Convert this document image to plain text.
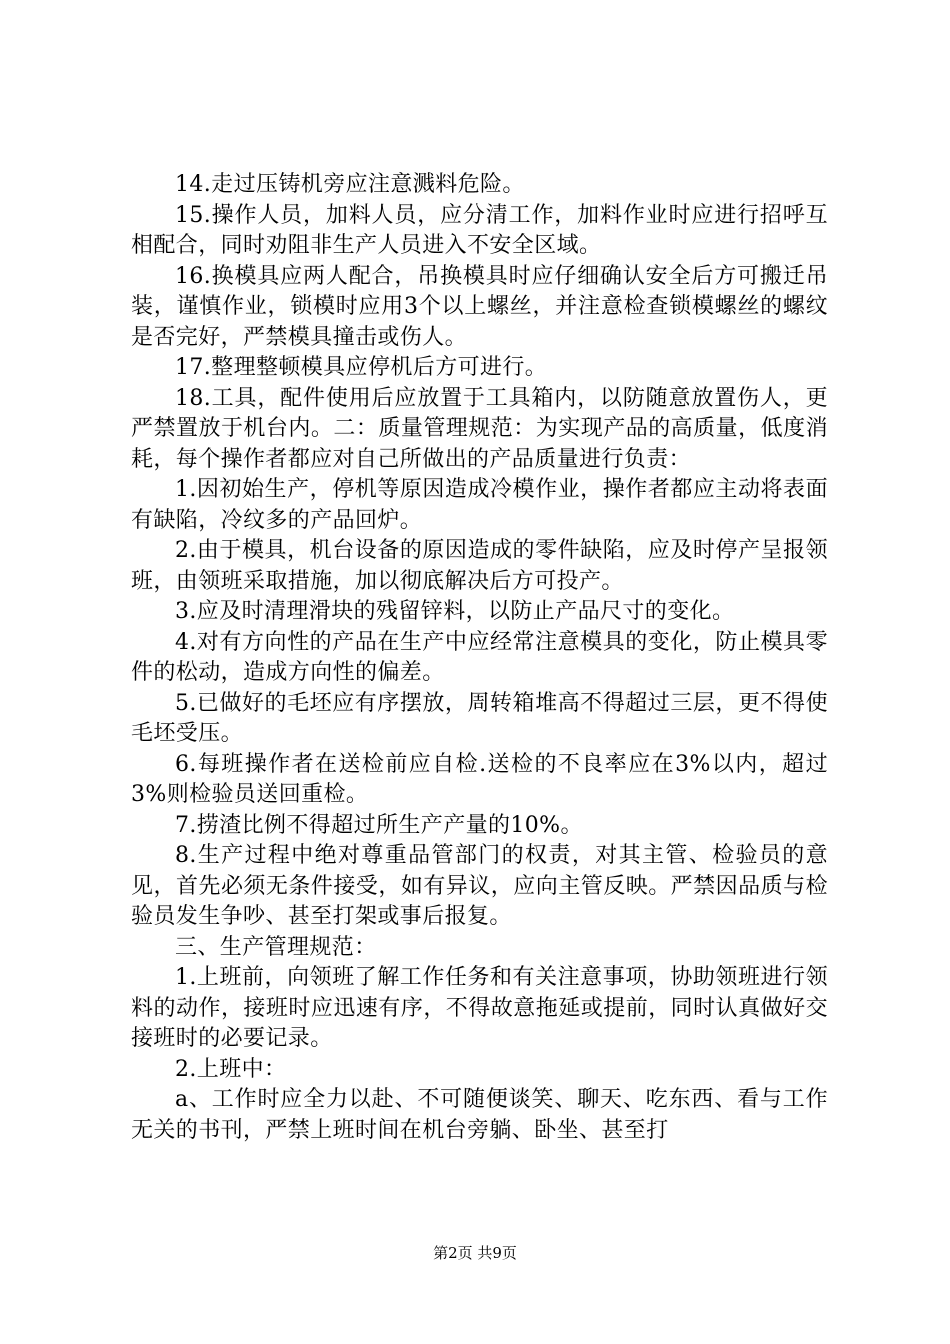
14.走过压铸机旁应注意溅料危险。

15.操作人员，加料人员，应分清工作，加料作业时应进行招呼互相配合，同时劝阻非生产人员进入不安全区域。

16.换模具应两人配合，吊换模具时应仔细确认安全后方可搬迁吊装，谨慎作业，锁模时应用3个以上螺丝，并注意检查锁模螺丝的螺纹是否完好，严禁模具撞击或伤人。

17.整理整顿模具应停机后方可进行。

18.工具，配件使用后应放置于工具箱内，以防随意放置伤人，更严禁置放于机台内。二：质量管理规范：为实现产品的高质量，低度消耗，每个操作者都应对自己所做出的产品质量进行负责：

1.因初始生产，停机等原因造成冷模作业，操作者都应主动将表面有缺陷，冷纹多的产品回炉。

2.由于模具，机台设备的原因造成的零件缺陷，应及时停产呈报领班，由领班采取措施，加以彻底解决后方可投产。

3.应及时清理滑块的残留锌料，以防止产品尺寸的变化。

4.对有方向性的产品在生产中应经常注意模具的变化，防止模具零件的松动，造成方向性的偏差。

5.已做好的毛坯应有序摆放，周转箱堆高不得超过三层，更不得使毛坯受压。

6.每班操作者在送检前应自检.送检的不良率应在3%以内，超过3%则检验员送回重检。

7.捞渣比例不得超过所生产产量的10%。

8.生产过程中绝对尊重品管部门的权责，对其主管、检验员的意见，首先必须无条件接受，如有异议，应向主管反映。严禁因品质与检验员发生争吵、甚至打架或事后报复。

三、生产管理规范：

1.上班前，向领班了解工作任务和有关注意事项，协助领班进行领料的动作，接班时应迅速有序，不得故意拖延或提前，同时认真做好交接班时的必要记录。

2.上班中：

a、工作时应全力以赴、不可随便谈笑、聊天、吃东西、看与工作无关的书刊，严禁上班时间在机台旁躺、卧坐、甚至打

第2页 共9页
